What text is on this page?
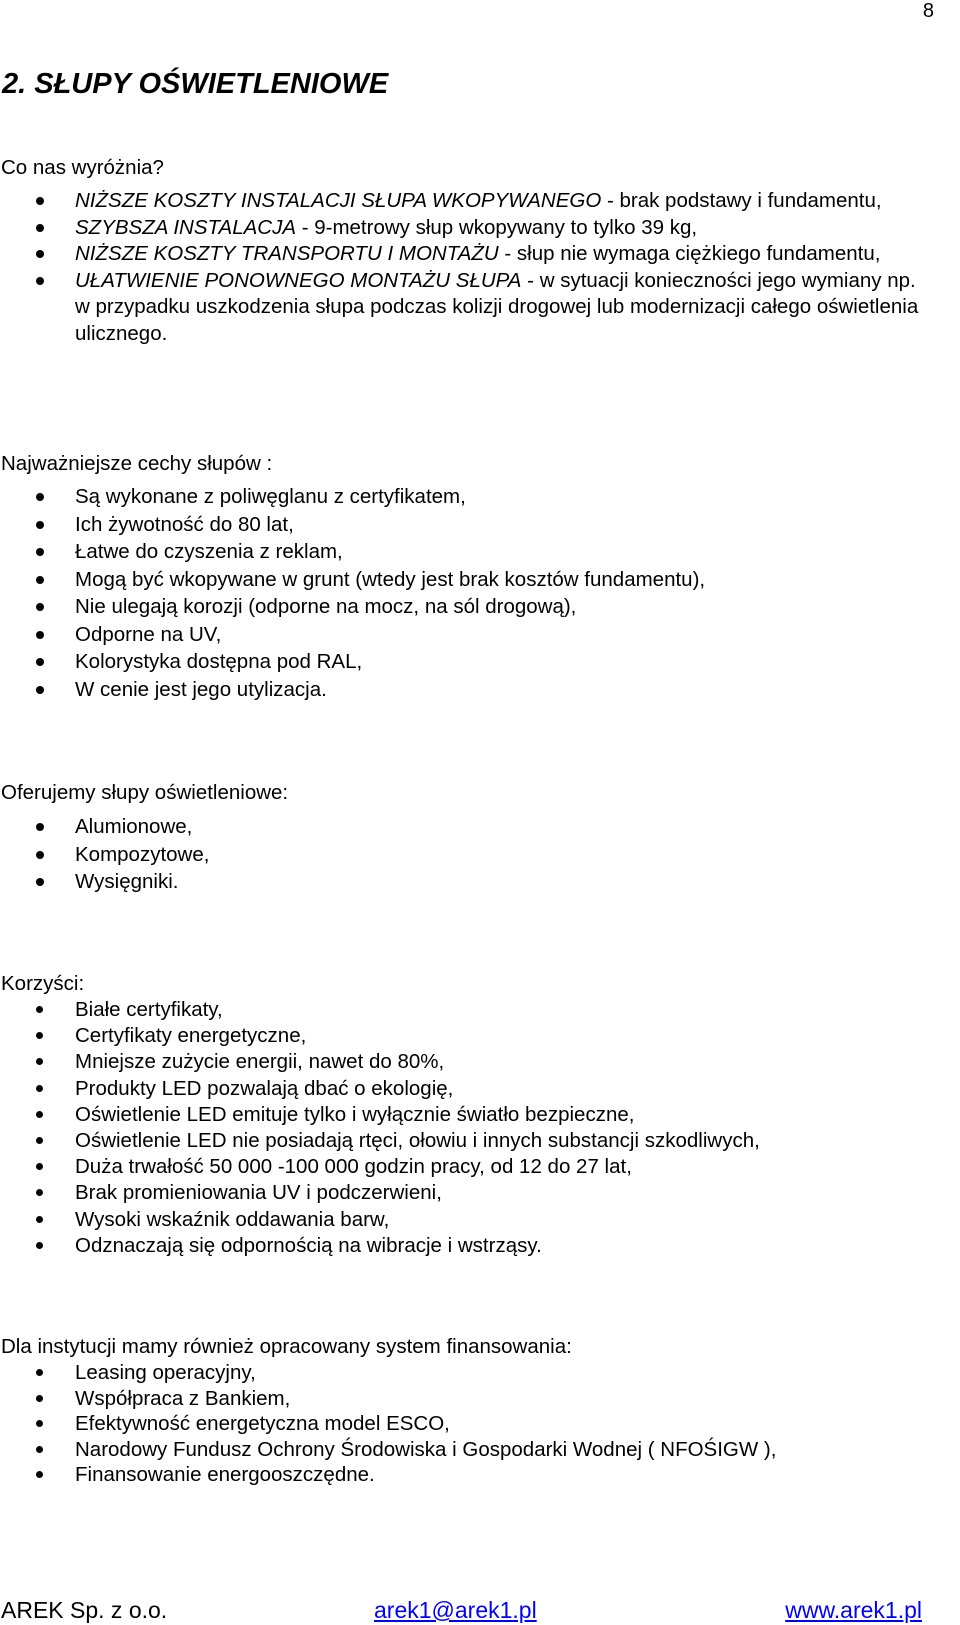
8
2. SŁUPY OŚWIETLENIOWE

Co nas wyróżnia?

NIŻSZE KOSZTY INSTALACJI SŁUPA WKOPYWANEGO - brak podstawy i fundamentu,
SZYBSZA INSTALACJA - 9-metrowy słup wkopywany to tylko 39 kg,
NIŻSZE KOSZTY TRANSPORTU I MONTAŻU - słup nie wymaga ciężkiego fundamentu,
UŁATWIENIE PONOWNEGO MONTAŻU SŁUPA - w sytuacji konieczności jego wymiany np. w przypadku uszkodzenia słupa podczas kolizji drogowej lub modernizacji całego oświetlenia ulicznego.

Najważniejsze cechy słupów :

Są wykonane z poliwęglanu z certyfikatem,
Ich żywotność do 80 lat,
Łatwe do czyszenia z reklam,
Mogą być wkopywane w grunt (wtedy jest brak kosztów fundamentu),
Nie ulegają korozji (odporne na mocz, na sól drogową),
Odporne na UV,
Kolorystyka dostępna pod RAL,
W cenie jest jego utylizacja.

Oferujemy słupy oświetleniowe:

Alumionowe,
Kompozytowe,
Wysięgniki.

Korzyści:

Białe certyfikaty,
Certyfikaty energetyczne,
Mniejsze zużycie energii, nawet do 80%,
Produkty LED pozwalają dbać o ekologię,
Oświetlenie LED emituje tylko i wyłącznie światło bezpieczne,
Oświetlenie LED nie posiadają rtęci, ołowiu i innych substancji szkodliwych,
Duża trwałość 50 000 -100 000 godzin pracy, od 12 do 27 lat,
Brak promieniowania UV i podczerwieni,
Wysoki wskaźnik oddawania barw,
Odznaczają się odpornością na wibracje i wstrząsy.

Dla instytucji mamy również opracowany system finansowania:

Leasing operacyjny,
Współpraca z Bankiem,
Efektywność energetyczna model ESCO,
Narodowy Fundusz Ochrony Środowiska i Gospodarki Wodnej ( NFOŚIGW ),
Finansowanie energooszczędne.
AREK Sp. z o.o.	arek1@arek1.pl	www.arek1.pl
